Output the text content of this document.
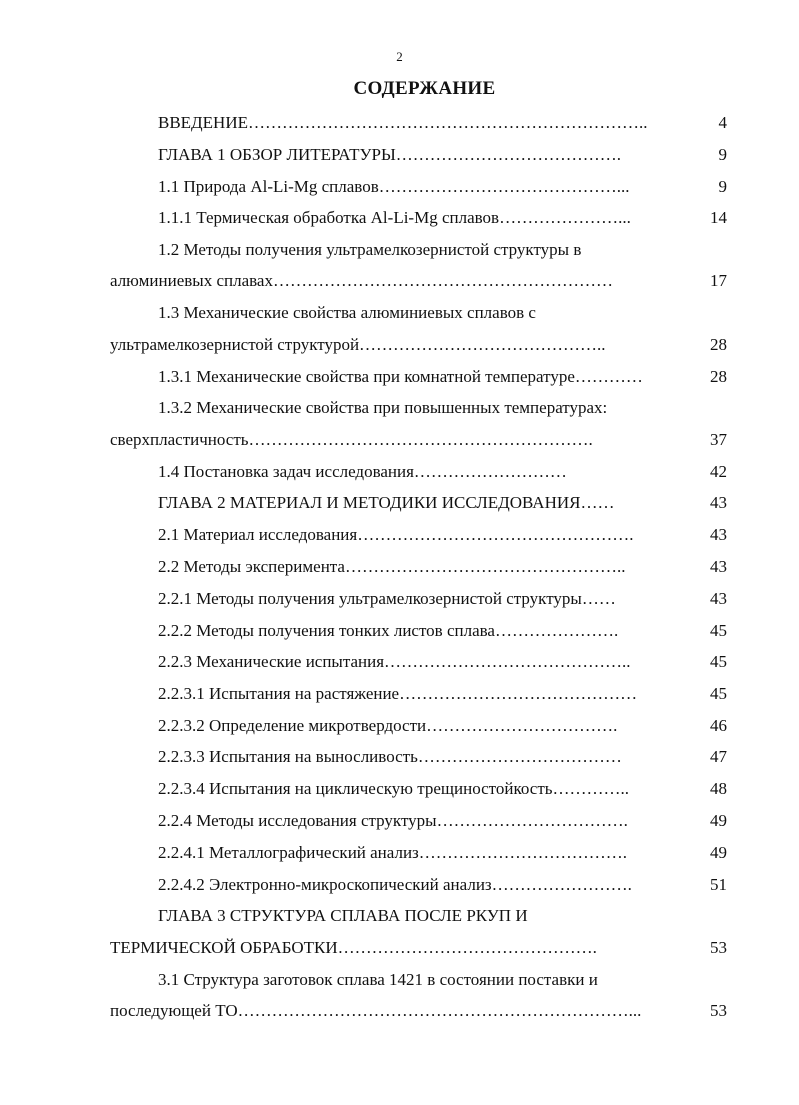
2
СОДЕРЖАНИЕ
ВВЕДЕНИЕ……………………………………………………………..	4
ГЛАВА 1 ОБЗОР ЛИТЕРАТУРЫ………………………………….	9
1.1 Природа Al-Li-Mg сплавов……………………………………...	9
1.1.1 Термическая обработка Al-Li-Mg сплавов…………………...	14
1.2 Методы получения ультрамелкозернистой структуры в
алюминиевых сплавах……………………………………………………	17
1.3 Механические свойства алюминиевых сплавов с
ультрамелкозернистой структурой……………………………………..	28
1.3.1 Механические свойства при комнатной температуре…………	28
1.3.2 Механические свойства при повышенных температурах:
сверхпластичность…………………………………………………….	37
1.4 Постановка задач исследования………………………	42
ГЛАВА 2 МАТЕРИАЛ И МЕТОДИКИ ИССЛЕДОВАНИЯ……	43
2.1 Материал исследования………………………………………….	43
2.2 Методы эксперимента…………………………………………..	43
2.2.1 Методы получения ультрамелкозернистой структуры……	43
2.2.2 Методы получения тонких листов сплава………………….	45
2.2.3 Механические испытания……………………………………..	45
2.2.3.1 Испытания на растяжение……………………………………	45
2.2.3.2 Определение микротвердости…………………………….	46
2.2.3.3 Испытания на выносливость………………………………	47
2.2.3.4 Испытания на циклическую трещиностойкость…………..	48
2.2.4 Методы исследования структуры…………………………….	49
2.2.4.1 Металлографический анализ……………………………….	49
2.2.4.2 Электронно-микроскопический анализ…………………….	51
ГЛАВА 3 СТРУКТУРА СПЛАВА ПОСЛЕ РКУП И
ТЕРМИЧЕСКОЙ ОБРАБОТКИ……………………………………….	53
3.1 Структура заготовок сплава 1421 в состоянии поставки и
последующей ТО……………………………………………………………...	53
